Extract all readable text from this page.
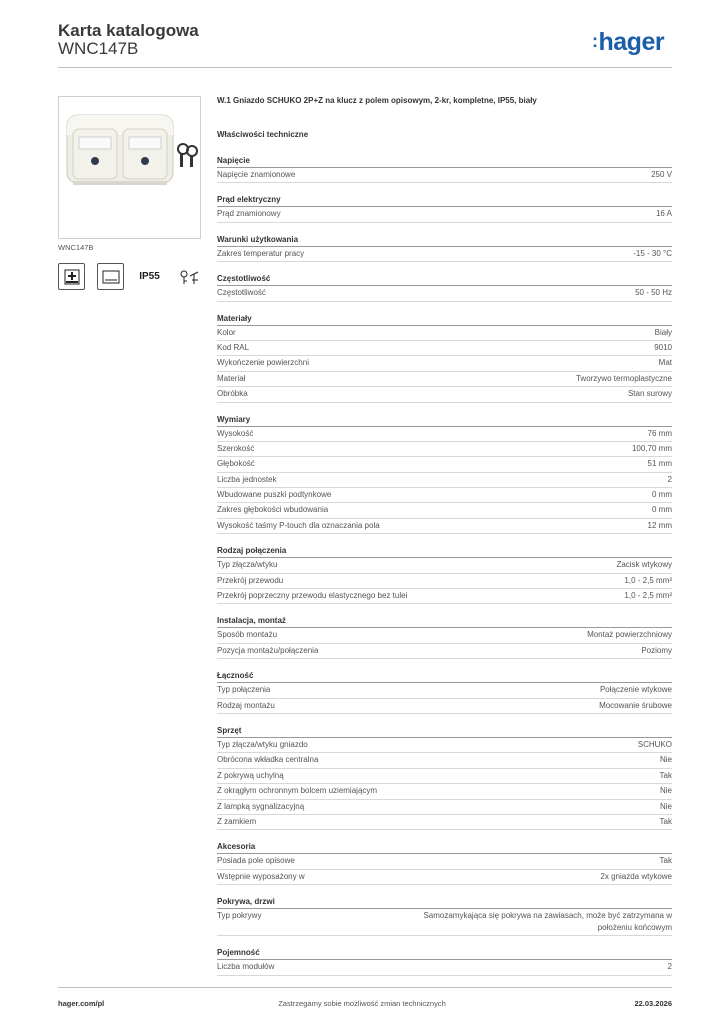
Karta katalogowa
WNC147B	:hager
WNC147B
IP55
W.1 Gniazdo SCHUKO 2P+Z na klucz z polem opisowym, 2-kr, kompletne, IP55, biały
Właściwości techniczne
Napięcie
Napięcie znamionowe	250 V
Prąd elektryczny
Prąd znamionowy	16 A
Warunki użytkowania
Zakres temperatur pracy	-15 - 30 °C
Częstotliwość
Częstotliwość	50 - 50 Hz
Materiały
Kolor	Biały
Kod RAL	9010
Wykończenie powierzchni	Mat
Materiał	Tworzywo termoplastyczne
Obróbka	Stan surowy
Wymiary
Wysokość	76 mm
Szerokość	100,70 mm
Głębokość	51 mm
Liczba jednostek	2
Wbudowane puszki podtynkowe	0 mm
Zakres głębokości wbudowania	0 mm
Wysokość taśmy P-touch dla oznaczania pola	12 mm
Rodzaj połączenia
Typ złącza/wtyku	Zacisk wtykowy
Przekrój przewodu	1,0 - 2,5 mm²
Przekrój poprzeczny przewodu elastycznego bez tulei	1,0 - 2,5 mm²
Instalacja, montaż
Sposób montażu	Montaż powierzchniowy
Pozycja montażu/połączenia	Poziomy
Łączność
Typ połączenia	Połączenie wtykowe
Rodzaj montażu	Mocowanie śrubowe
Sprzęt
Typ złącza/wtyku gniazdo	SCHUKO
Obrócona wkładka centralna	Nie
Z pokrywą uchylną	Tak
Z okrągłym ochronnym bolcem uziemiającym	Nie
Z lampką sygnalizacyjną	Nie
Z zamkiem	Tak
Akcesoria
Posiada pole opisowe	Tak
Wstępnie wyposażony w	2x gniazda wtykowe
Pokrywa, drzwi
Typ pokrywy	Samozamykająca się pokrywa na zawiasach, może być zatrzymana w położeniu końcowym
Pojemność
Liczba modułów	2
hager.com/pl	Zastrzegamy sobie możliwość zmian technicznych	22.03.2026
